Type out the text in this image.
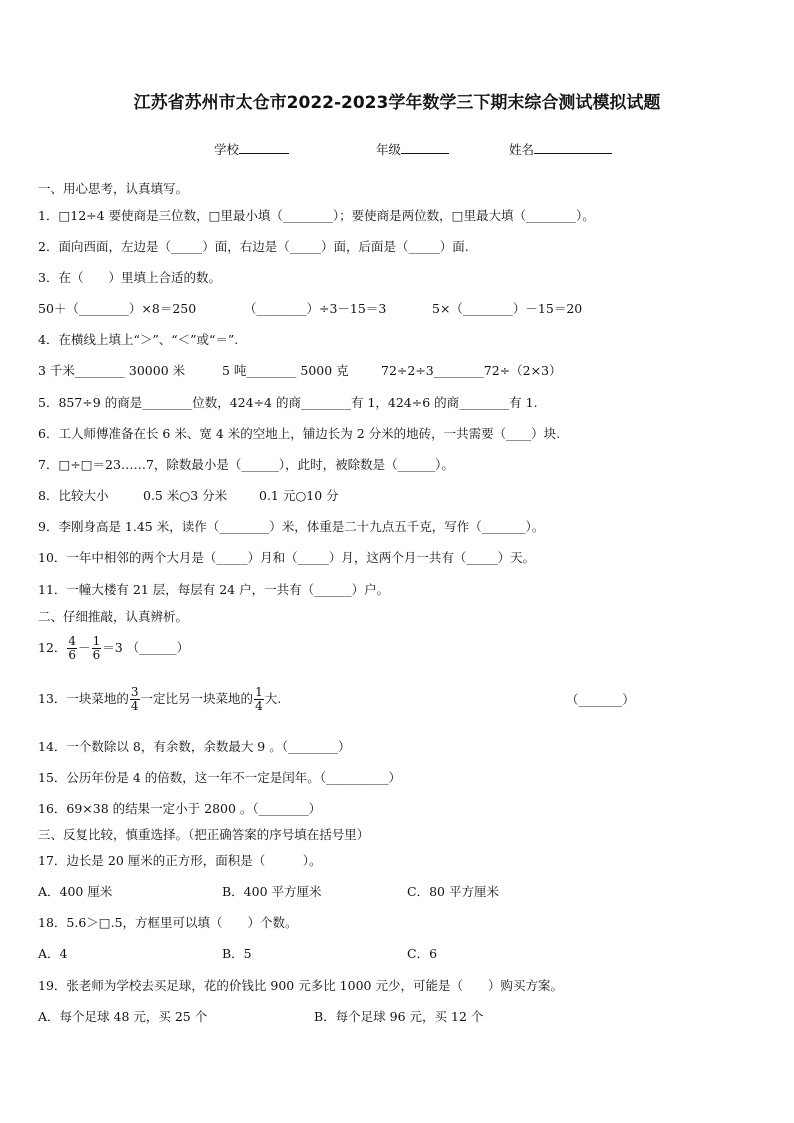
江苏省苏州市太仓市2022-2023学年数学三下期末综合测试模拟试题
学校	年级	姓名
一、用心思考，认真填写。
1．□12÷4 要使商是三位数，□里最小填（________）；要使商是两位数，□里最大填（________）。
2．面向西面，左边是（_____）面，右边是（_____）面，后面是（_____）面.
3．在（　　）里填上合适的数。
50＋（________）×8＝250	（________）÷3－15＝3	5×（________）－15＝20
4．在横线上填上“＞”、“＜”或“＝”.
3 千米________ 30000 米	5 吨________ 5000 克	72÷2÷3________72÷（2×3）
5．857÷9 的商是________位数，424÷4 的商________有 1，424÷6 的商________有 1.
6．工人师傅准备在长 6 米、宽 4 米的空地上，铺边长为 2 分米的地砖，一共需要（____）块.
7．□÷□＝23……7，除数最小是（______），此时，被除数是（______）。
8．比较大小	0.5 米○3 分米	0.1 元○10 分
9．李刚身高是 1.45 米，读作（________）米，体重是二十九点五千克，写作（_______）。
10．一年中相邻的两个大月是（_____）月和（_____）月，这两个月一共有（_____）天。
11．一幢大楼有 21 层，每层有 24 户，一共有（______）户。
二、仔细推敲，认真辨析。
12． $\frac{4}{6} - \frac{1}{6} =3$ （______）
13．一块菜地的 $\frac{3}{4}$ 一定比另一块菜地的 $\frac{1}{4}$ 大.	（_______）
14．一个数除以 8，有余数，余数最大 9 。（________）
15．公历年份是 4 的倍数，这一年不一定是闰年。（__________）
16．69×38 的结果一定小于 2800 。（________）
三、反复比较，慎重选择。（把正确答案的序号填在括号里）
17．边长是 20 厘米的正方形，面积是（　　　）。
A．400 厘米	B．400 平方厘米	C．80 平方厘米
18．5.6＞□.5，方框里可以填（　　）个数。
A．4	B．5	C．6
19．张老师为学校去买足球，花的价钱比 900 元多比 1000 元少，可能是（　　）购买方案。
A．每个足球 48 元，买 25 个	B．每个足球 96 元，买 12 个
